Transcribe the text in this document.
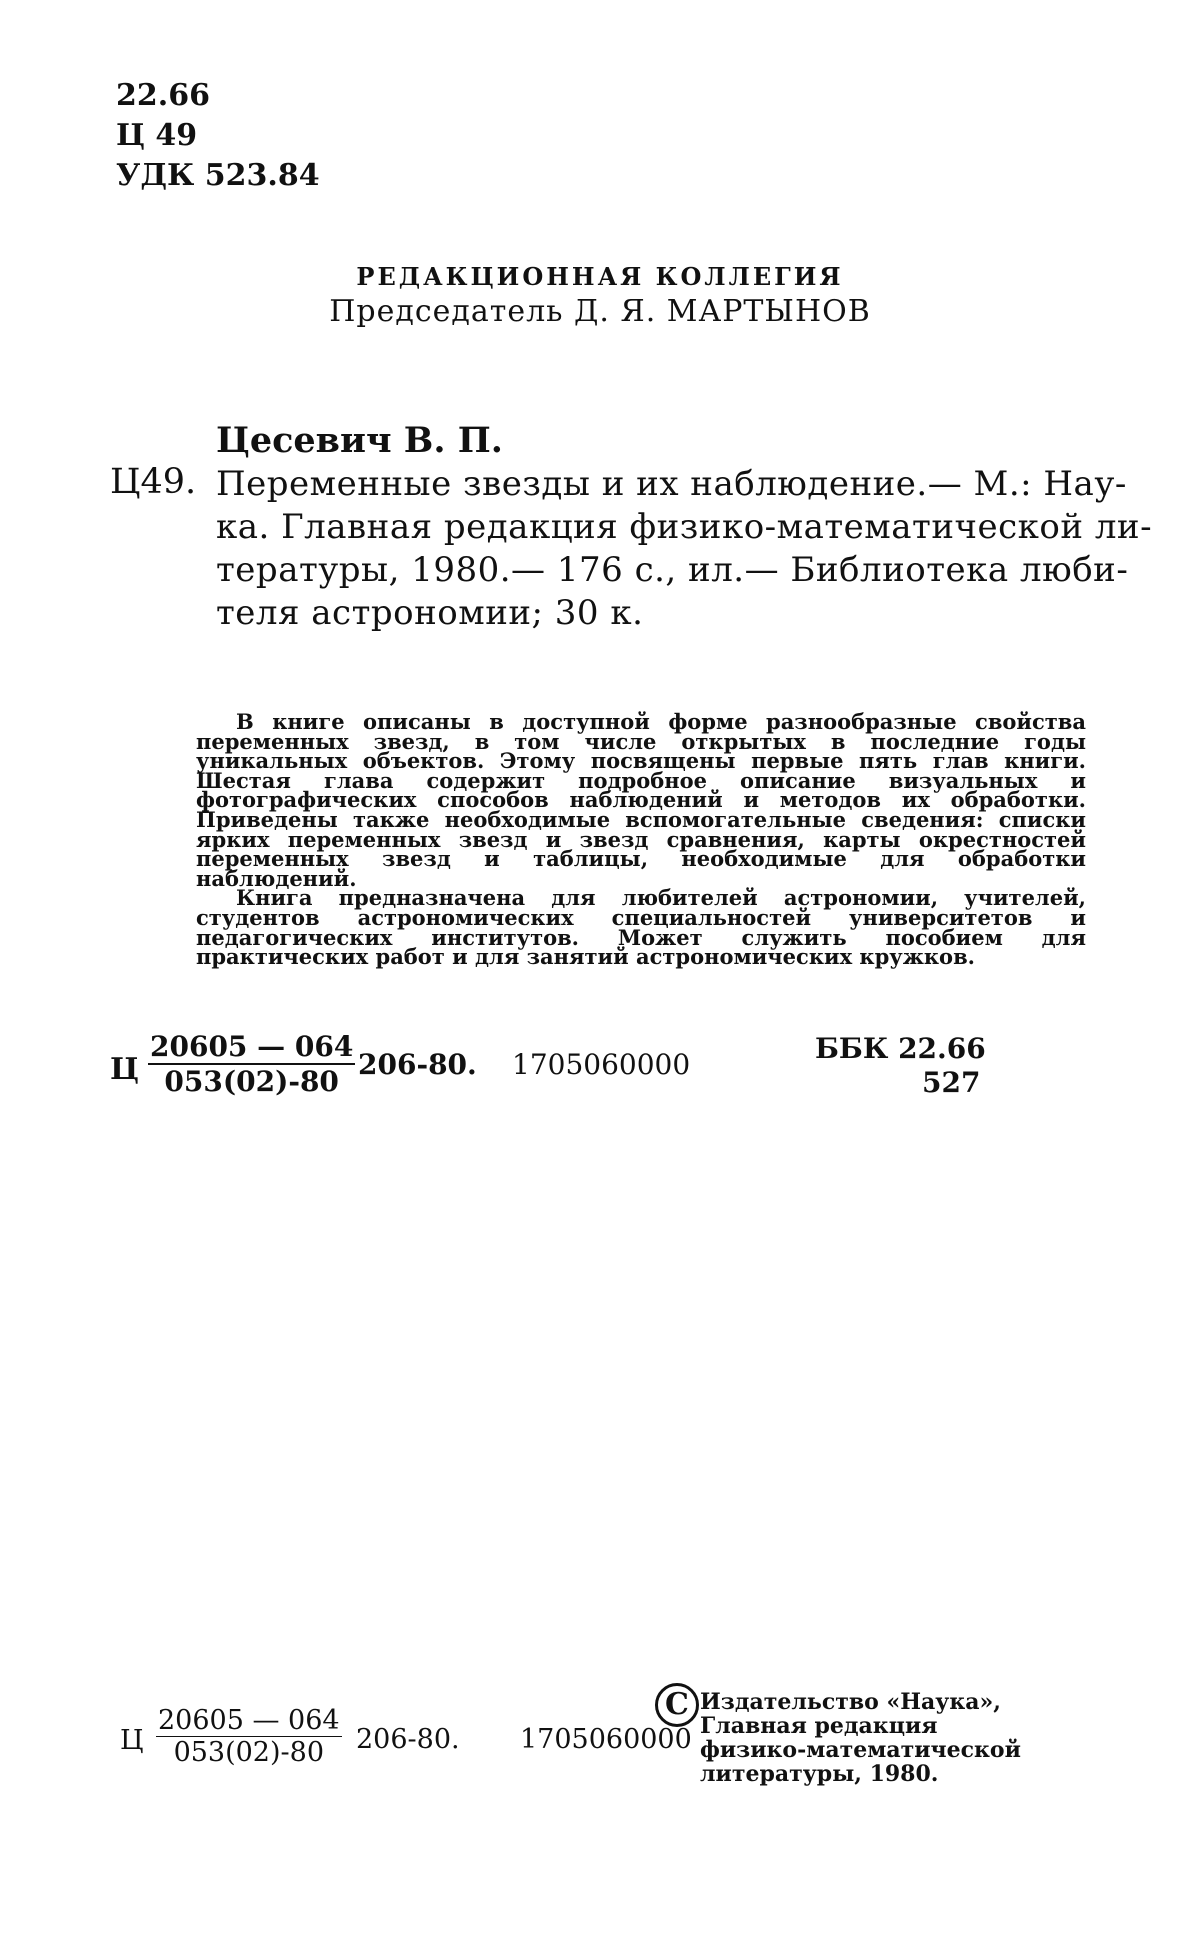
22.66
Ц 49
УДК 523.84
РЕДАКЦИОННАЯ КОЛЛЕГИЯ
Председатель Д. Я. МАРТЫНОВ
Цесевич В. П.
Ц49. Переменные звезды и их наблюдение.— М.: Нау-
ка. Главная редакция физико-математической ли-
тературы, 1980.— 176 с., ил.— Библиотека люби-
теля астрономии; 30 к.

В книге описаны в доступной форме разнообразные свойства переменных звезд, в том числе открытых в последние годы уникальных объектов. Этому посвящены первые пять глав книги. Шестая глава содержит подробное описание визуальных и фотографических способов наблюдений и методов их обработки. Приведены также необходимые вспомогательные сведения: списки ярких переменных звезд и звезд сравнения, карты окрестностей переменных звезд и таблицы, необходимые для обработки наблюдений.

Книга предназначена для любителей астрономии, учителей, студентов астрономических специальностей университетов и педагогических институтов. Может служить пособием для практических работ и для занятий астрономических кружков.

Ц $\frac{20605 — 064}{053(02)-80} 206-80$. 1705060000	ББК 22.66
527
Ц $\frac{20605 — 064}{053(02)-80} 206-80$. 1705060000
C Издательство «Наука»,
Главная редакция
физико-математической
литературы, 1980.
